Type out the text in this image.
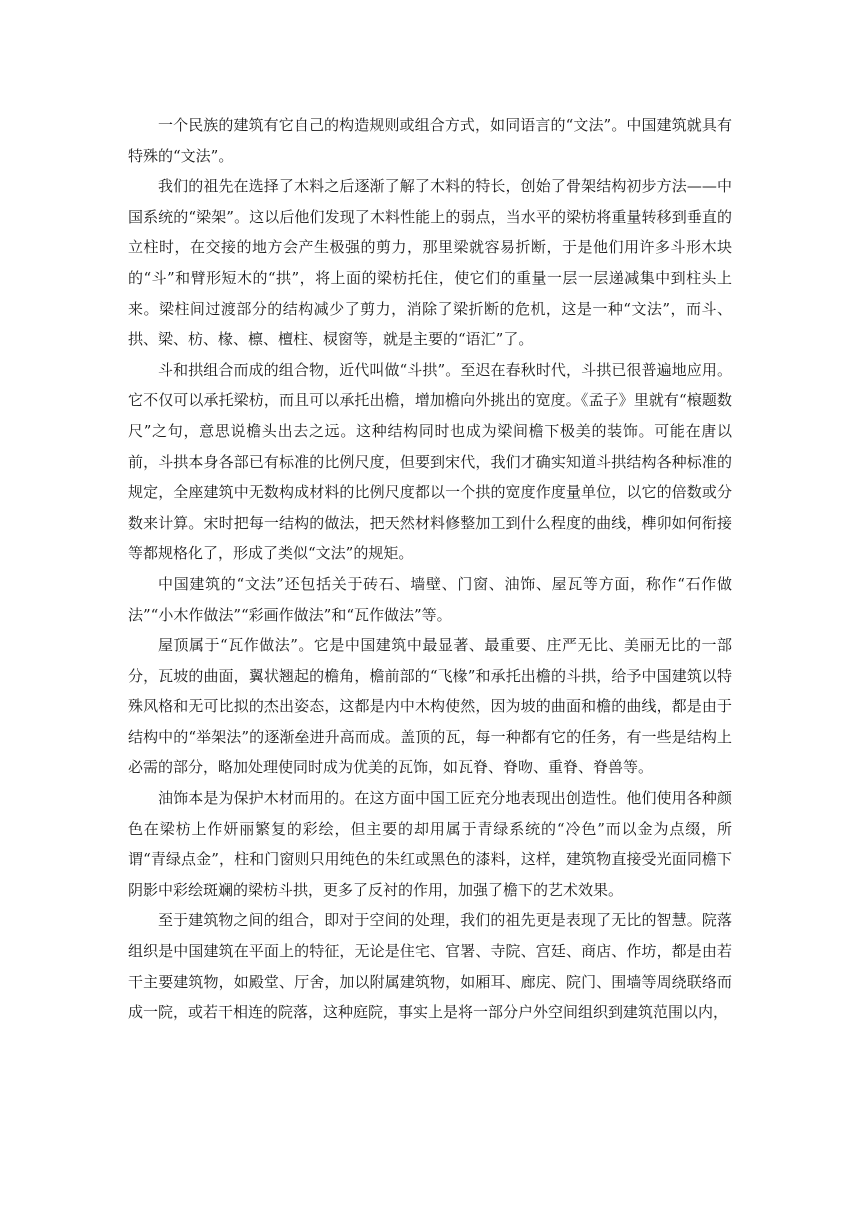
一个民族的建筑有它自己的构造规则或组合方式，如同语言的“文法”。中国建筑就具有特殊的“文法”。

我们的祖先在选择了木料之后逐渐了解了木料的特长，创始了骨架结构初步方法——中国系统的“梁架”。这以后他们发现了木料性能上的弱点，当水平的梁枋将重量转移到垂直的立柱时，在交接的地方会产生极强的剪力，那里梁就容易折断，于是他们用许多斗形木块的“斗”和臂形短木的“拱”，将上面的梁枋托住，使它们的重量一层一层递减集中到柱头上来。梁柱间过渡部分的结构减少了剪力，消除了梁折断的危机，这是一种“文法”，而斗、拱、梁、枋、椽、檩、檀柱、棂窗等，就是主要的“语汇”了。

斗和拱组合而成的组合物，近代叫做“斗拱”。至迟在春秋时代，斗拱已很普遍地应用。它不仅可以承托梁枋，而且可以承托出檐，增加檐向外挑出的宽度。《孟子》里就有“榱题数尺”之句，意思说檐头出去之远。这种结构同时也成为梁间檐下极美的装饰。可能在唐以前，斗拱本身各部已有标准的比例尺度，但要到宋代，我们才确实知道斗拱结构各种标准的规定，全座建筑中无数构成材料的比例尺度都以一个拱的宽度作度量单位，以它的倍数或分数来计算。宋时把每一结构的做法，把天然材料修整加工到什么程度的曲线，榫卯如何衔接等都规格化了，形成了类似“文法”的规矩。

中国建筑的“文法”还包括关于砖石、墙壁、门窗、油饰、屋瓦等方面，称作“石作做法”“小木作做法”“彩画作做法”和“瓦作做法”等。

屋顶属于“瓦作做法”。它是中国建筑中最显著、最重要、庄严无比、美丽无比的一部分，瓦坡的曲面，翼状翘起的檐角，檐前部的“飞椽”和承托出檐的斗拱，给予中国建筑以特殊风格和无可比拟的杰出姿态，这都是内中木构使然，因为坡的曲面和檐的曲线，都是由于结构中的“举架法”的逐渐垒进升高而成。盖顶的瓦，每一种都有它的任务，有一些是结构上必需的部分，略加处理使同时成为优美的瓦饰，如瓦脊、脊吻、重脊、脊兽等。

油饰本是为保护木材而用的。在这方面中国工匠充分地表现出创造性。他们使用各种颜色在梁枋上作妍丽繁复的彩绘，但主要的却用属于青绿系统的“冷色”而以金为点缀，所谓“青绿点金”，柱和门窗则只用纯色的朱红或黑色的漆料，这样，建筑物直接受光面同檐下阴影中彩绘斑斓的梁枋斗拱，更多了反衬的作用，加强了檐下的艺术效果。

至于建筑物之间的组合，即对于空间的处理，我们的祖先更是表现了无比的智慧。院落组织是中国建筑在平面上的特征，无论是住宅、官署、寺院、宫廷、商店、作坊，都是由若干主要建筑物，如殿堂、厅舍，加以附属建筑物，如厢耳、廊庑、院门、围墙等周绕联络而成一院，或若干相连的院落，这种庭院，事实上是将一部分户外空间组织到建筑范围以内，
